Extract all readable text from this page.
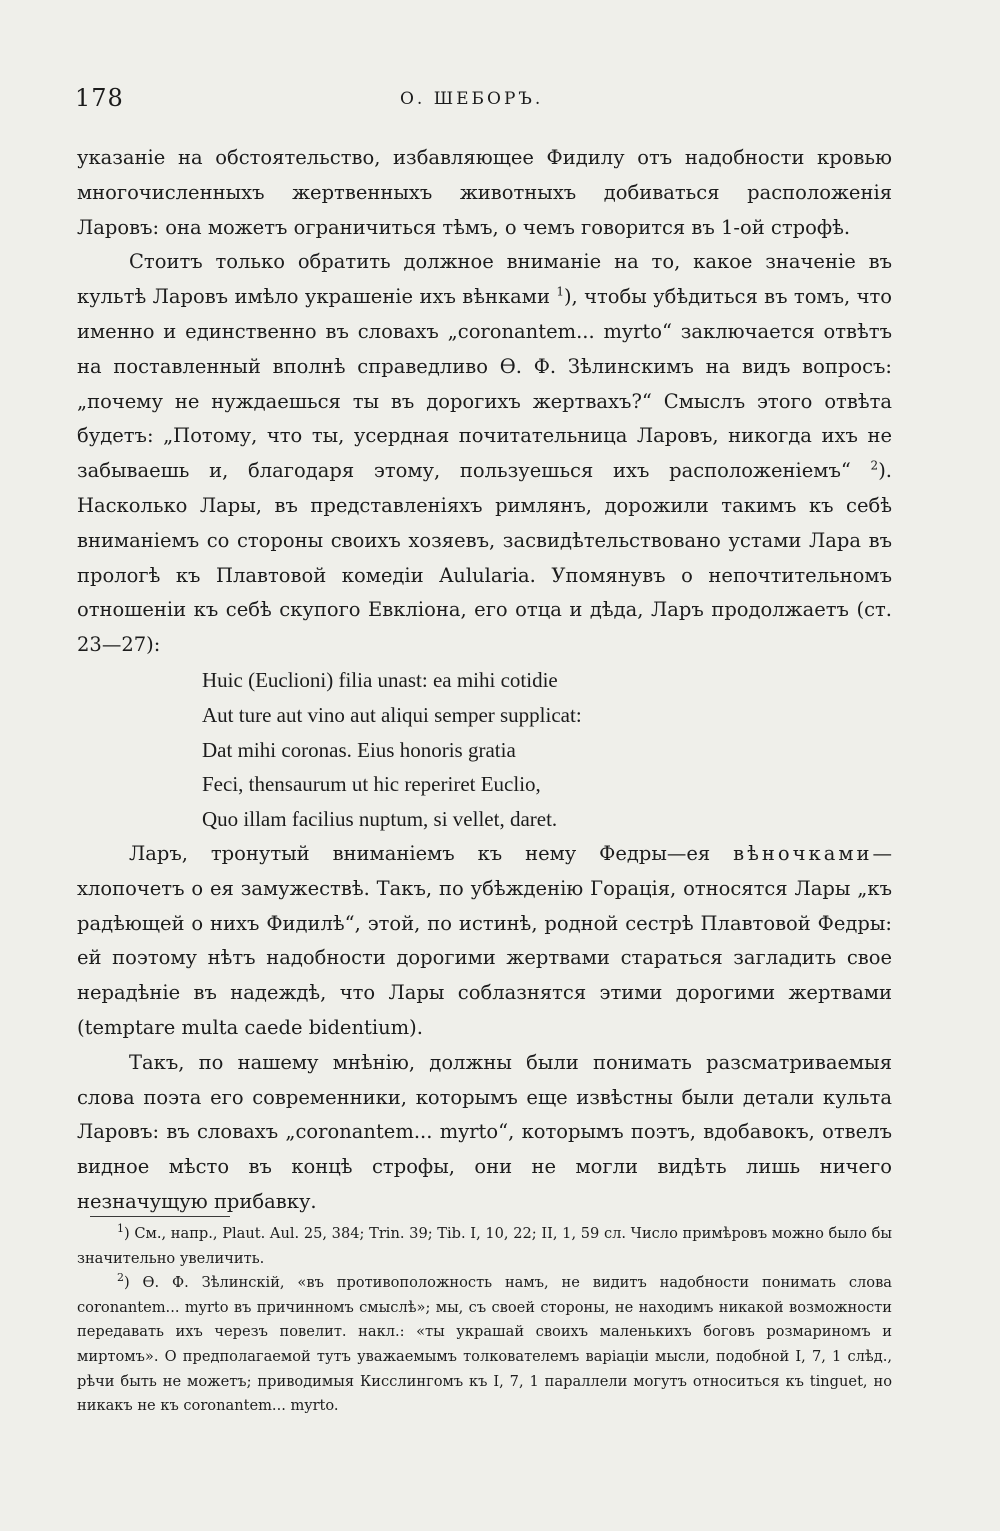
178	О. ШЕБОРЪ.

указанiе на обстоятельство, избавляющее Фидилу отъ надобности кровью многочисленныхъ жертвенныхъ животныхъ добиваться расположенiя Ларовъ: она можетъ ограничиться тѣмъ, о чемъ говорится въ 1-ой строфѣ.

Стоитъ только обратить должное вниманiе на то, какое значенiе въ культѣ Ларовъ имѣло украшенiе ихъ вѣнками $^1$), чтобы убѣдиться въ томъ, что именно и единственно въ словахъ „coronantem... myrto“ заключается отвѣтъ на поставленный вполнѣ справедливо Ѳ. Ф. Зѣлинскимъ на видъ вопросъ: „почему не нуждаешься ты въ дорогихъ жертвахъ?“ Смыслъ этого отвѣта будетъ: „Потому, что ты, усердная почитательница Ларовъ, никогда ихъ не забываешь и, благодаря этому, пользуешься ихъ расположенiемъ“ $^2$). Насколько Лары, въ представленiяхъ римлянъ, дорожили такимъ къ себѣ вниманiемъ со стороны своихъ хозяевъ, засвидѣтельствовано устами Лара въ прологѣ къ Плавтовой комедiи Aulularia. Упомянувъ о непочтительномъ отношенiи къ себѣ скупого Евклiона, его отца и дѣда, Ларъ продолжаетъ (ст. 23—27):

Huic (Euclioni) filia unast: ea mihi cotidie
Aut ture aut vino aut aliqui semper supplicat:
Dat mihi coronas. Eius honoris gratia
Feci, thensaurum ut hic reperiret Euclio,
Quo illam facilius nuptum, si vellet, daret.

Ларъ, тронутый вниманiемъ къ нему Федры—ея вѣночками—хлопочетъ о ея замужествѣ. Такъ, по убѣжденiю Горацiя, относятся Лары „къ радѣющей о нихъ Фидилѣ“, этой, по истинѣ, родной сестрѣ Плавтовой Федры: ей поэтому нѣтъ надобности дорогими жертвами стараться загладить свое нерадѣнiе въ надеждѣ, что Лары соблазнятся этими дорогими жертвами (temptare multa caede bidentium).

Такъ, по нашему мнѣнiю, должны были понимать разсматриваемыя слова поэта его современники, которымъ еще извѣстны были детали культа Ларовъ: въ словахъ „coronantem... myrto“, которымъ поэтъ, вдобавокъ, отвелъ видное мѣсто въ концѣ строфы, они не могли видѣть лишь ничего незначущую прибавку.

$^1$) См., напр., Plaut. Aul. 25, 384; Trin. 39; Tib. I, 10, 22; II, 1, 59 сл. Число примѣровъ можно было бы значительно увеличить.

$^2$) Ѳ. Ф. Зѣлинскiй, «въ противоположность намъ, не видитъ надобности понимать слова coronantem... myrto въ причинномъ смыслѣ»; мы, съ своей стороны, не находимъ никакой возможности передавать ихъ черезъ повелит. накл.: «ты украшай своихъ маленькихъ боговъ розмариномъ и миртомъ». О предполагаемой тутъ уважаемымъ толкователемъ варiацiи мысли, подобной I, 7, 1 слѣд., рѣчи быть не можетъ; приводимыя Кисслингомъ къ I, 7, 1 параллели могутъ относиться къ tinguet, но никакъ не къ coronantem... myrto.
